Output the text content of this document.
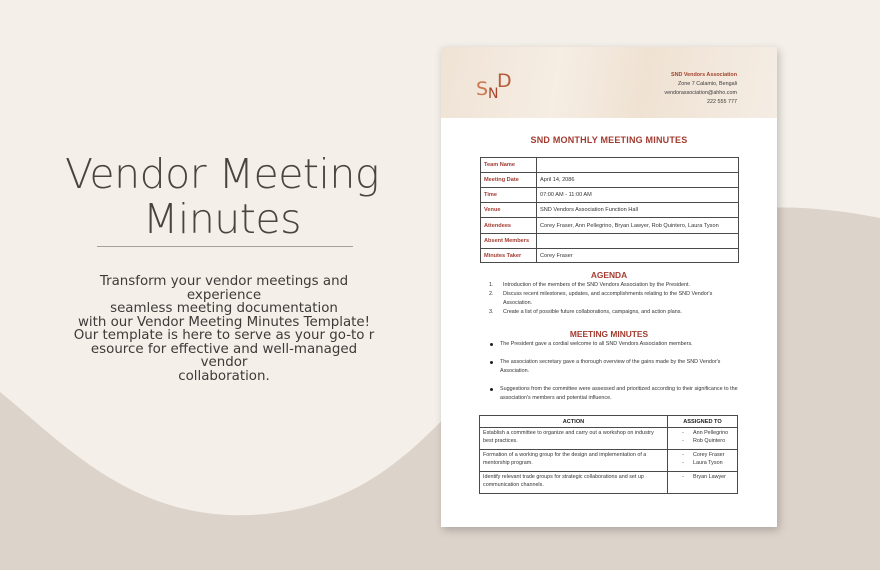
Vendor Meeting
Minutes
Transform your vendor meetings and experience
seamless meeting documentation
with our Vendor Meeting Minutes Template!
Our template is here to serve as your go-to r
esource for effective and well-managed vendor
collaboration.
S N
D	SND Vendors Association
Zone 7 Calamio, Bengali
vendorassociation@ahho.com
222 555 777
SND MONTHLY MEETING MINUTES
Team Name	
Meeting Date	April 14, 2086
Time	07:00 AM - 11:00 AM
Venue	SND Vendors Association Function Hall
Attendees	Corey Fraser, Ann Pellegrino, Bryan Lawyer, Rob Quintero, Laura Tyson
Absent Members	
Minutes Taker	Corey Fraser
AGENDA
1. Introduction of the members of the SND Vendors Association by the President.
2. Discuss recent milestones, updates, and accomplishments relating to the SND Vendor's Association.
3. Create a list of possible future collaborations, campaigns, and action plans.
MEETING MINUTES
The President gave a cordial welcome to all SND Vendors Association members.
The association secretary gave a thorough overview of the gains made by the SND Vendor's Association.
Suggestions from the committee were assessed and prioritized according to their significance to the association's members and potential influence.
ACTION	ASSIGNED TO
Establish a committee to organize and carry out a workshop on industry best practices.	- Ann Pellegrino
- Rob Quintero

Formation of a working group for the design and implementation of a mentorship program.	- Corey Fraser
- Laura Tyson

Identify relevant trade groups for strategic collaborations and set up communication channels.	- Bryan Lawyer
